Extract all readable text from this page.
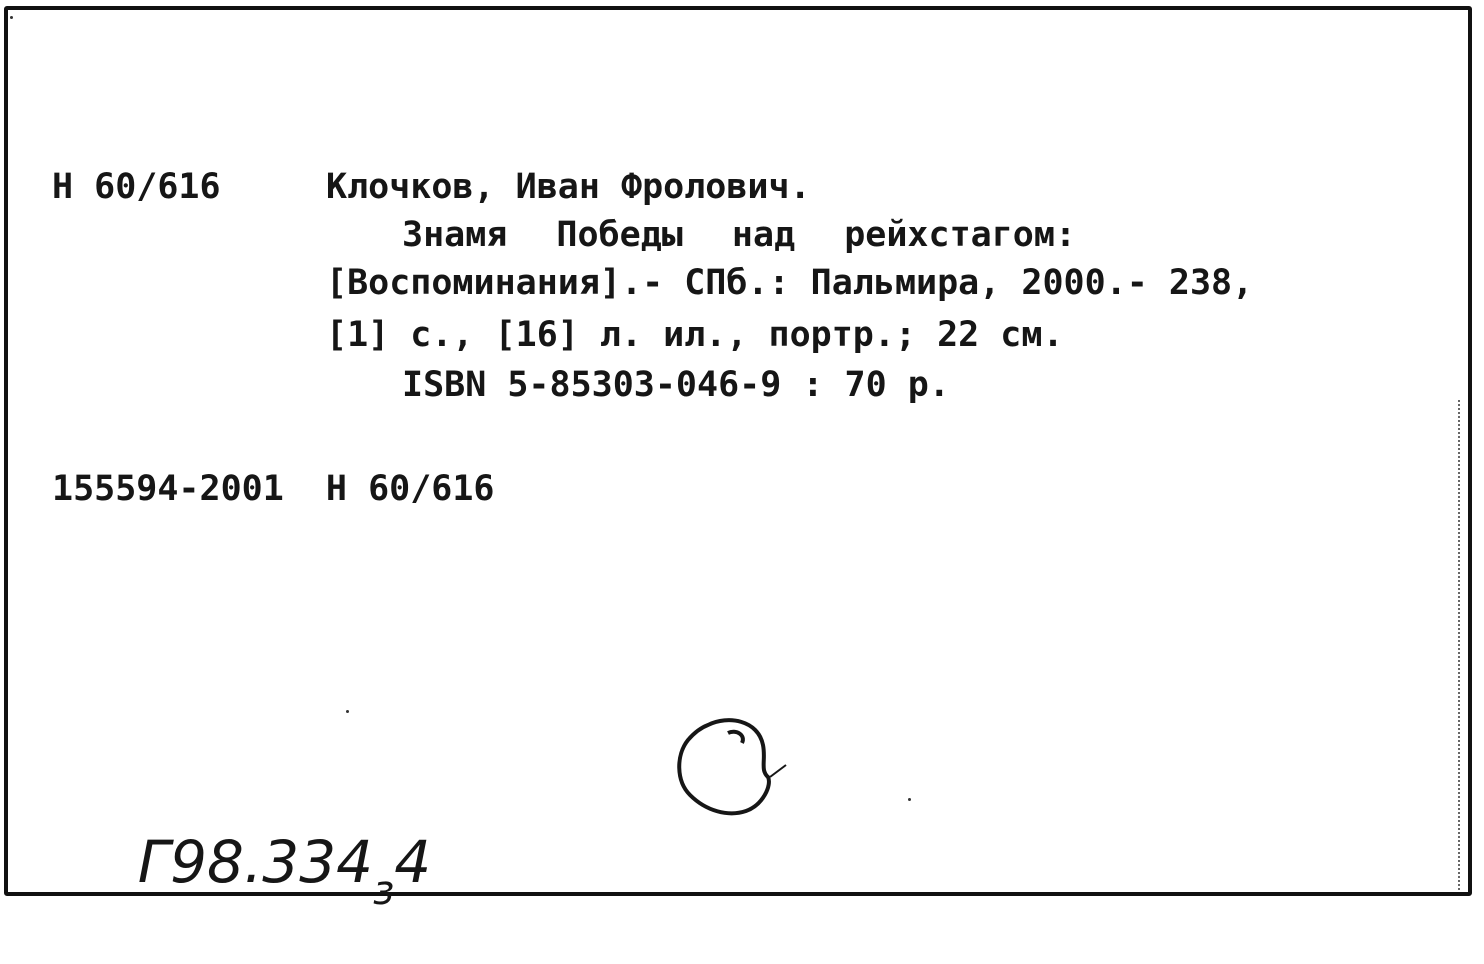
Н 60/616	Клочков, Иван Фролович.
Знамя Победы над рейхстагом:
[Воспоминания].- СПб.: Пальмира, 2000.- 238,
[1] с., [16] л. ил., портр.; 22 см.
ISBN 5-85303-046-9 : 70 р.
155594-2001  Н 60/616

$Г98.334_з4$
